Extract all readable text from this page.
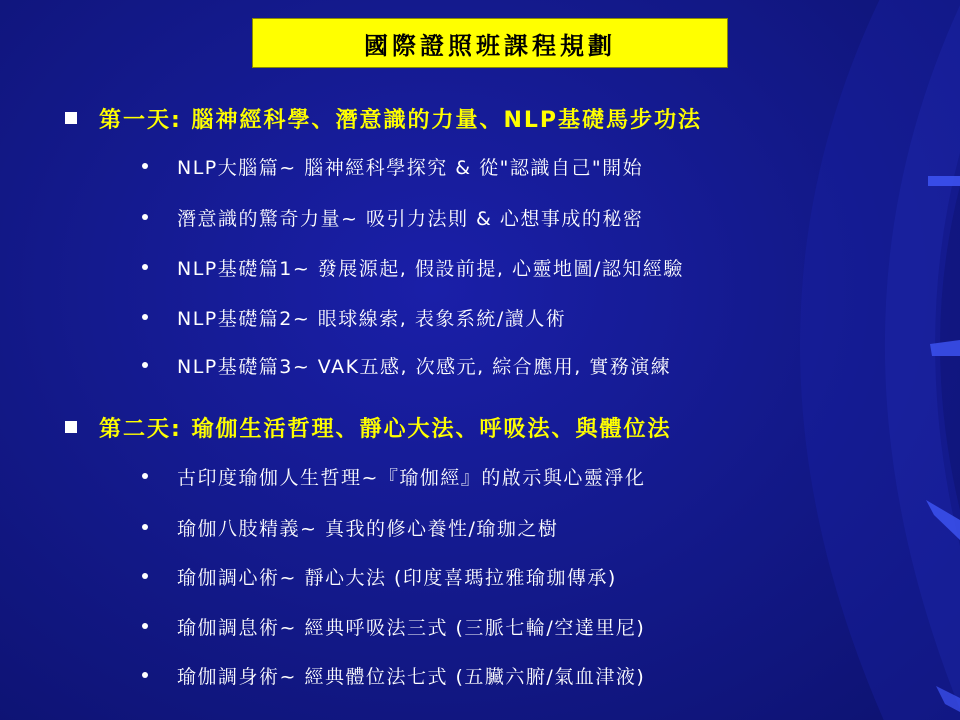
國際證照班課程規劃
第一天: 腦神經科學、潛意識的力量、NLP基礎馬步功法
NLP大腦篇~ 腦神經科學探究 & 從"認識自己"開始
潛意識的驚奇力量~ 吸引力法則 & 心想事成的秘密
NLP基礎篇1~ 發展源起, 假設前提, 心靈地圖/認知經驗
NLP基礎篇2~ 眼球線索, 表象系統/讀人術
NLP基礎篇3~ VAK五感, 次感元, 綜合應用, 實務演練
第二天: 瑜伽生活哲理、靜心大法、呼吸法、與體位法
古印度瑜伽人生哲理~『瑜伽經』的啟示與心靈淨化
瑜伽八肢精義~ 真我的修心養性/瑜珈之樹
瑜伽調心術~ 靜心大法 (印度喜瑪拉雅瑜珈傳承)
瑜伽調息術~ 經典呼吸法三式 (三脈七輪/空達里尼)
瑜伽調身術~ 經典體位法七式 (五臟六腑/氣血津液)
